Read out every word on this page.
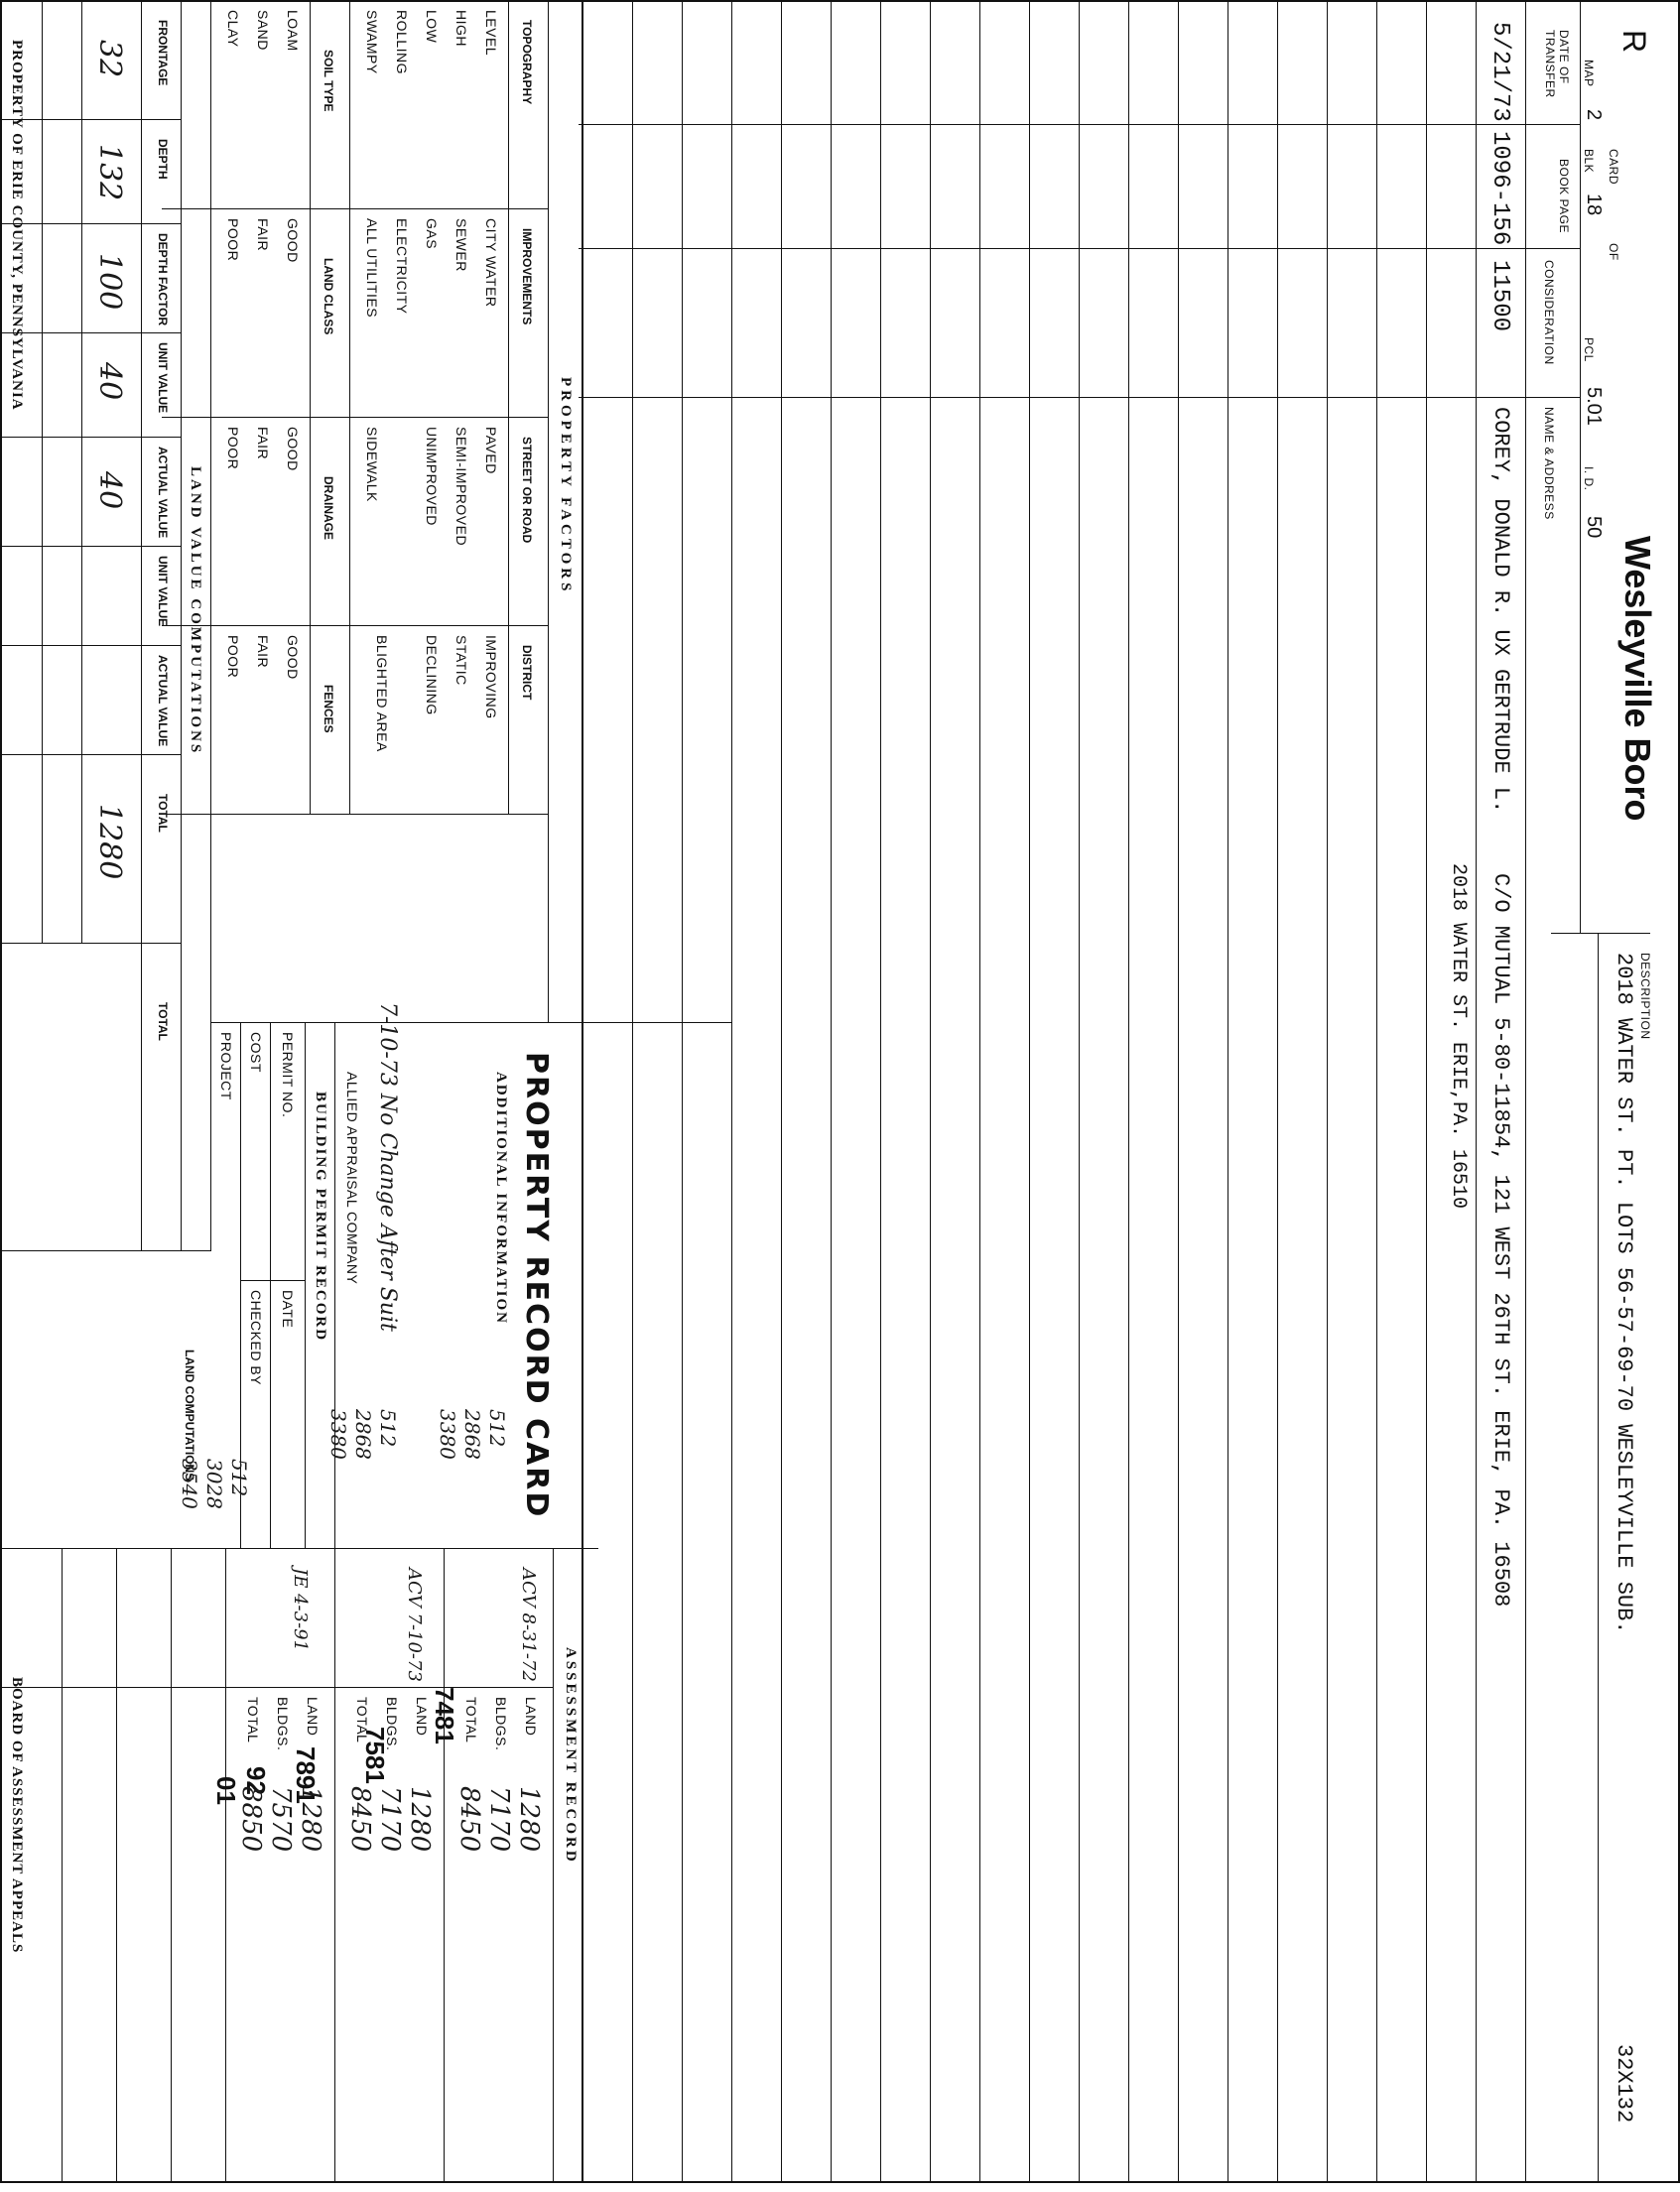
R
MAP
2
CARD
BLK
18
OF
PCL
5.01
I. D.
50
Wesleyville Boro
DESCRIPTION
2018 WATER ST. PT. LOTS 56-57-69-70 WESLEYVILLE SUB.
32X132
DATE OF TRANSFER
BOOK PAGE
CONSIDERATION
NAME & ADDRESS
5/21/73
1096-156
11500
COREY, DONALD R. UX GERTRUDE L.
C/O MUTUAL 5-80-11854, 121 WEST 26TH ST. ERIE, PA. 16508
2018 WATER ST. ERIE,PA. 16510
PROPERTY FACTORS
TOPOGRAPHY
IMPROVEMENTS
STREET OR ROAD
DISTRICT
LEVEL
HIGH
LOW
ROLLING
SWAMPY
CITY WATER
SEWER
GAS
ELECTRICITY
ALL UTILITIES
PAVED
SEMI-IMPROVED
UNIMPROVED
SIDEWALK
IMPROVING
STATIC
DECLINING
BLIGHTED AREA
SOIL TYPE
LAND CLASS
DRAINAGE
FENCES
LOAM
SAND
CLAY
GOOD
FAIR
POOR
GOOD
FAIR
POOR
GOOD
FAIR
POOR
LAND VALUE COMPUTATIONS
FRONTAGE
DEPTH
DEPTH FACTOR
UNIT VALUE
ACTUAL VALUE
UNIT VALUE
ACTUAL VALUE
TOTAL
TOTAL
32
132
100
40
40
1280
PROPERTY RECORD CARD
ADDITIONAL INFORMATION
7-10-73 No Change After Suit
ALLIED APPRAISAL COMPANY
BUILDING PERMIT RECORD
PERMIT NO.
DATE
COST
CHECKED BY
PROJECT
512
2868
3380
512
2868
3380
LAND COMPUTATIONS 512
3028
3540
ASSESSMENT RECORD
ACV 8-31-72
ACV 7-10-73
JE 4-3-91
7481
7581
7891
92
01
LAND
BLDGS.
TOTAL
1280
7170
8450
LAND
BLDGS.
TOTAL
1280
7170
8450
LAND
BLDGS.
TOTAL
1280
7570
8850
PROPERTY OF ERIE COUNTY, PENNSYLVANIA
BOARD OF ASSESSMENT APPEALS
